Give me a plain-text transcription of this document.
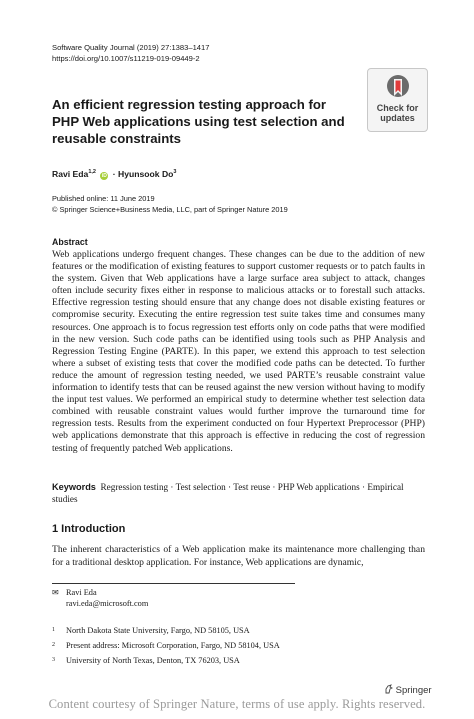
Software Quality Journal (2019) 27:1383–1417
https://doi.org/10.1007/s11219-019-09449-2
Check for
updates
An efficient regression testing approach for PHP Web applications using test selection and reusable constraints
Ravi Eda$^{1,2}$ iD · Hyunsook Do$^3$
Published online: 11 June 2019
© Springer Science+Business Media, LLC, part of Springer Nature 2019
Abstract
Web applications undergo frequent changes. These changes can be due to the addition of new features or the modification of existing features to support customer requests or to patch faults in the system. Given that Web applications have a large surface area subject to attack, changes often include security fixes either in response to malicious attacks or to forestall such attacks. Effective regression testing should ensure that any change does not disable existing features or compromise security. Executing the entire regression test suite takes time and consumes many resources. One approach is to focus regression test efforts only on code paths that were modified in the new version. Such code paths can be identified using tools such as PHP Analysis and Regression Testing Engine (PARTE). In this paper, we extend this approach to test selection where a subset of existing tests that cover the modified code paths can be detected. To further reduce the amount of regression testing needed, we used PARTE’s reusable constraint value information to identify tests that can be reused against the new version without having to modify the input test values. We performed an empirical study to determine whether test selection data combined with reusable constraint values would further improve the turnaround time for regression tests. Results from the experiment conducted on four Hypertext Preprocessor (PHP) web applications demonstrate that this approach is effective in reducing the cost of regression testing of frequently patched Web applications.
Keywords Regression testing · Test selection · Test reuse · PHP Web applications · Empirical studies
1 Introduction
The inherent characteristics of a Web application make its maintenance more challenging than for a traditional desktop application. For instance, Web applications are dynamic,
✉ Ravi Eda
ravi.eda@microsoft.com
1 North Dakota State University, Fargo, ND 58105, USA
2 Present address: Microsoft Corporation, Fargo, ND 58104, USA
3 University of North Texas, Denton, TX 76203, USA
Springer
Content courtesy of Springer Nature, terms of use apply. Rights reserved.
